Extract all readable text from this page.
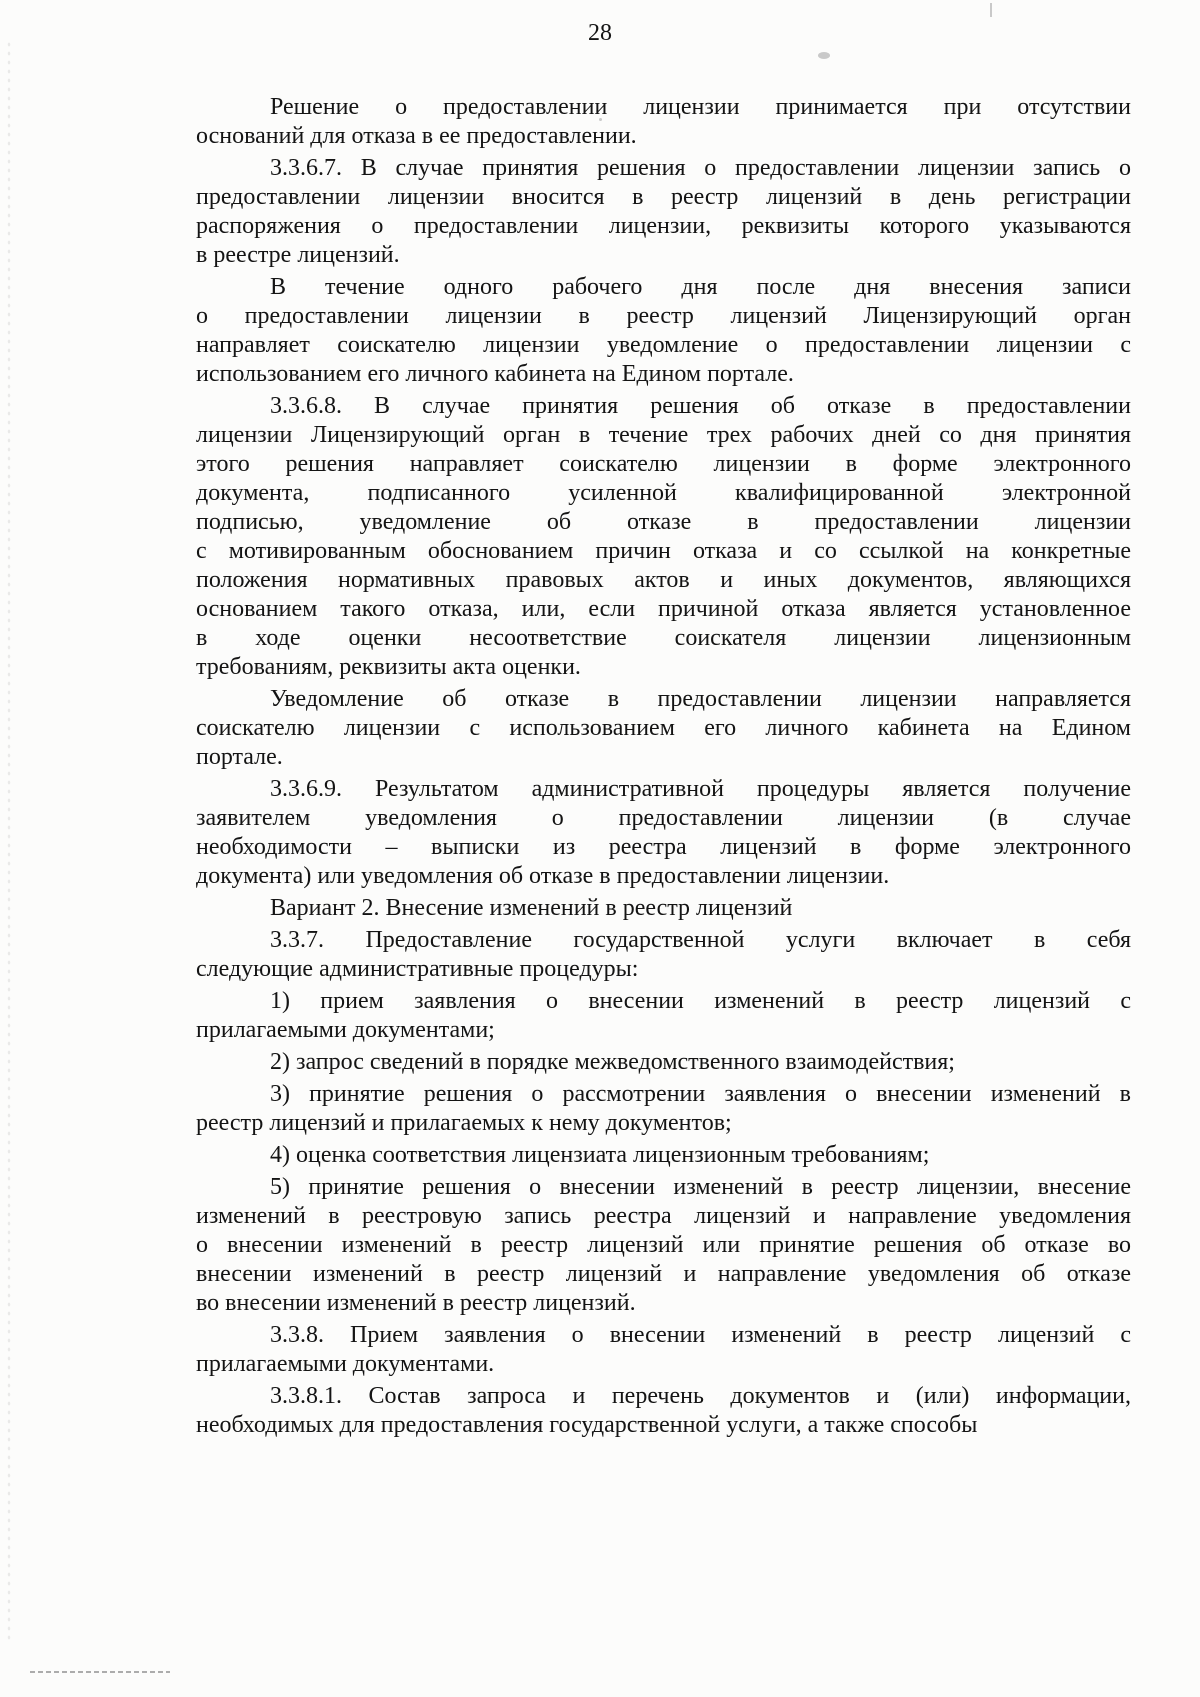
28
Решение о предоставлении лицензии принимается при отсутствии
оснований для отказа в ее предоставлении.
3.3.6.7. В случае принятия решения о предоставлении лицензии запись о
предоставлении лицензии вносится в реестр лицензий в день регистрации
распоряжения о предоставлении лицензии, реквизиты которого указываются
в реестре лицензий.
В течение одного рабочего дня после дня внесения записи
о предоставлении лицензии в реестр лицензий Лицензирующий орган
направляет соискателю лицензии уведомление о предоставлении лицензии с
использованием его личного кабинета на Едином портале.
3.3.6.8. В случае принятия решения об отказе в предоставлении
лицензии Лицензирующий орган в течение трех рабочих дней со дня принятия
этого решения направляет соискателю лицензии в форме электронного
документа, подписанного усиленной квалифицированной электронной
подписью, уведомление об отказе в предоставлении лицензии
с мотивированным обоснованием причин отказа и со ссылкой на конкретные
положения нормативных правовых актов и иных документов, являющихся
основанием такого отказа, или, если причиной отказа является установленное
в ходе оценки несоответствие соискателя лицензии лицензионным
требованиям, реквизиты акта оценки.
Уведомление об отказе в предоставлении лицензии направляется
соискателю лицензии с использованием его личного кабинета на Едином
портале.
3.3.6.9. Результатом административной процедуры является получение
заявителем уведомления о предоставлении лицензии (в случае
необходимости – выписки из реестра лицензий в форме электронного
документа) или уведомления об отказе в предоставлении лицензии.
Вариант 2. Внесение изменений в реестр лицензий
3.3.7. Предоставление государственной услуги включает в себя
следующие административные процедуры:
1) прием заявления о внесении изменений в реестр лицензий с
прилагаемыми документами;
2) запрос сведений в порядке межведомственного взаимодействия;
3) принятие решения о рассмотрении заявления о внесении изменений в
реестр лицензий и прилагаемых к нему документов;
4) оценка соответствия лицензиата лицензионным требованиям;
5) принятие решения о внесении изменений в реестр лицензии, внесение
изменений в реестровую запись реестра лицензий и направление уведомления
о внесении изменений в реестр лицензий или принятие решения об отказе во
внесении изменений в реестр лицензий и направление уведомления об отказе
во внесении изменений в реестр лицензий.
3.3.8. Прием заявления о внесении изменений в реестр лицензий с
прилагаемыми документами.
3.3.8.1. Состав запроса и перечень документов и (или) информации,
необходимых для предоставления государственной услуги, а также способы
